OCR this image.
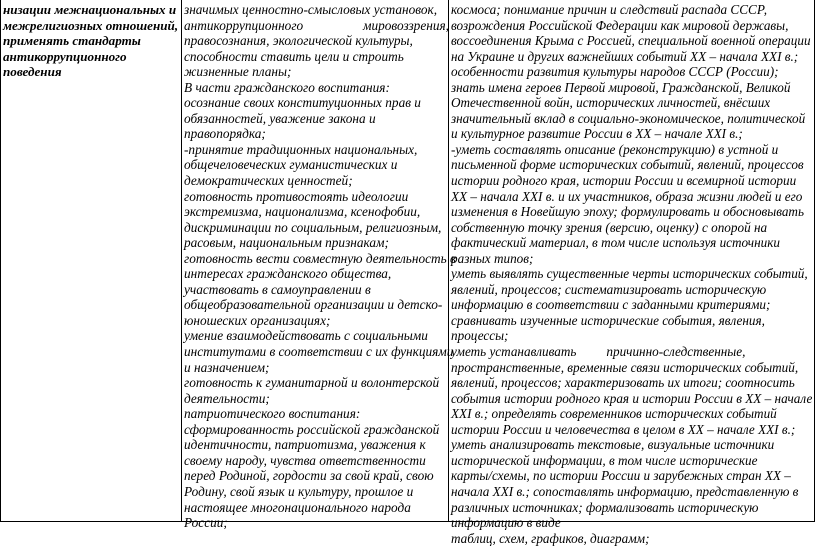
низации межнациональных и
межрелигиозных отношений,
применять стандарты
антикоррупционного
поведения
значимых ценностно-смысловых установок,
антикоррупционного	мировоззрения,
правосознания, экологической культуры,
способности ставить цели и строить
жизненные планы;
В части гражданского воспитания:
осознание своих конституционных прав и
обязанностей, уважение закона и
правопорядка;
-принятие традиционных национальных,
общечеловеческих гуманистических и
демократических ценностей;
готовность противостоять идеологии
экстремизма, национализма, ксенофобии,
дискриминации по социальным, религиозным,
расовым, национальным признакам;
готовность вести совместную деятельность в
интересах гражданского общества,
участвовать в самоуправлении в
общеобразовательной организации и детско-
юношеских организациях;
умение взаимодействовать с социальными
институтами в соответствии с их функциями
и назначением;
готовность к гуманитарной и волонтерской
деятельности;
патриотического воспитания:
сформированность российской гражданской
идентичности, патриотизма, уважения к
своему народу, чувства ответственности
перед Родиной, гордости за свой край, свою
Родину, свой язык и культуру, прошлое и
настоящее многонационального народа
России;
космоса; понимание причин и следствий распада СССР,
возрождения Российской Федерации как мировой державы,
воссоединения Крыма с Россией, специальной военной операции
на Украине и других важнейших событий XX – начала XXI в.;
особенности развития культуры народов СССР (России);
знать имена героев Первой мировой, Гражданской, Великой
Отечественной войн, исторических личностей, внёсших
значительный вклад в социально-экономическое, политической
и культурное развитие России в XX – начале XXI в.;
-уметь составлять описание (реконструкцию) в устной и
письменной форме исторических событий, явлений, процессов
истории родного края, истории России и всемирной истории
XX – начала XXI в. и их участников, образа жизни людей и его
изменения в Новейшую эпоху; формулировать и обосновывать
собственную точку зрения (версию, оценку) с опорой на
фактический материал, в том числе используя источники
разных типов;
уметь выявлять существенные черты исторических событий,
явлений, процессов; систематизировать историческую
информацию в соответствии с заданными критериями;
сравнивать изученные исторические события, явления,
процессы;
уметь устанавливать причинно-следственные,
пространственные, временные связи исторических событий,
явлений, процессов; характеризовать их итоги; соотносить
события истории родного края и истории России в XX – начале
XXI в.; определять современников исторических событий
истории России и человечества в целом в XX – начале XXI в.;
уметь анализировать текстовые, визуальные источники
исторической информации, в том числе исторические
карты/схемы, по истории России и зарубежных стран XX –
начала XXI в.; сопоставлять информацию, представленную в
различных источниках; формализовать историческую
информацию в виде
таблиц, схем, графиков, диаграмм;
